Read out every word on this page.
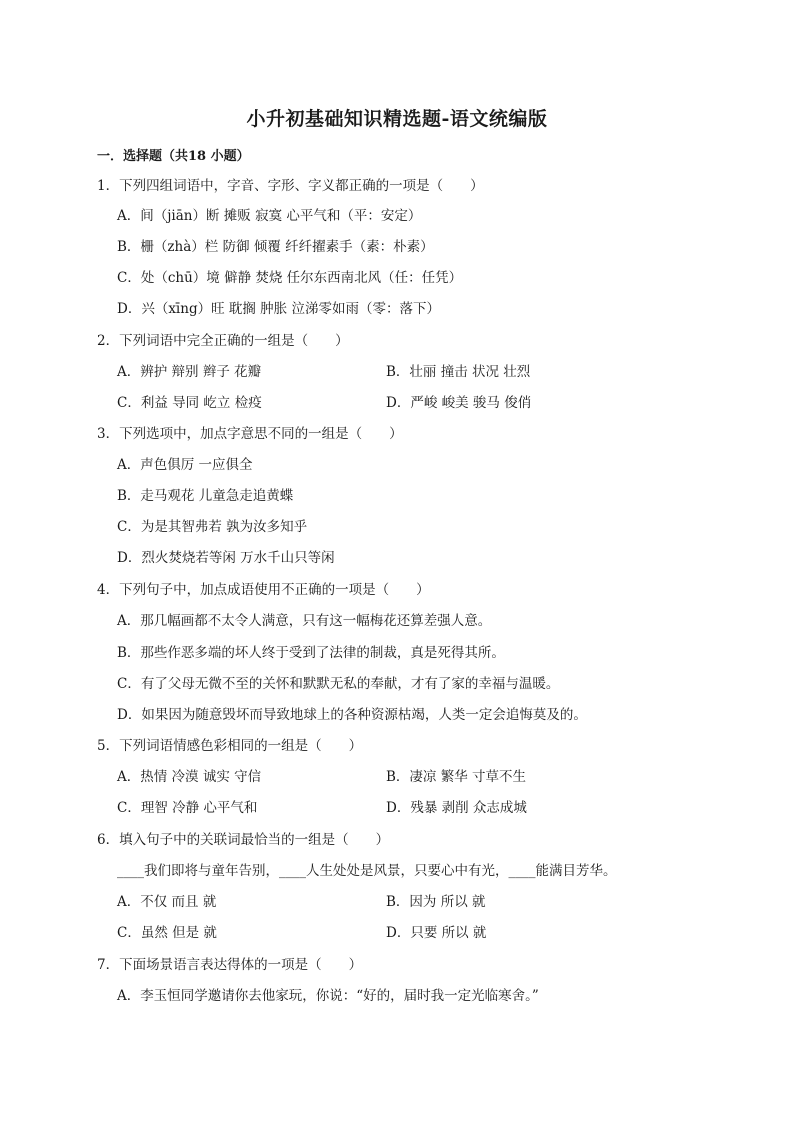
小升初基础知识精选题-语文统编版
一．选择题（共18 小题）
1．下列四组词语中，字音、字形、字义都正确的一项是（　　）
A．间（jiān）断 摊贩 寂寞 心平气和（平：安定）
B．栅（zhà）栏 防御 倾覆 纤纤擢素手（素：朴素）
C．处（chū）境 僻静 焚烧 任尔东西南北风（任：任凭）
D．兴（xīng）旺 耽搁 肿胀 泣涕零如雨（零：落下）
2．下列词语中完全正确的一组是（　　）
A．辨护 辩别 辫子 花瓣	B．壮丽 撞击 状况 壮烈
C．利益 导同 屹立 检疫	D．严峻 峻美 骏马 俊俏
3．下列选项中，加点字意思不同的一组是（　　）
A．声色俱厉 一应俱全
B．走马观花 儿童急走追黄蝶
C．为是其智弗若 孰为汝多知乎
D．烈火焚烧若等闲 万水千山只等闲
4．下列句子中，加点成语使用不正确的一项是（　　）
A．那几幅画都不太令人满意，只有这一幅梅花还算差强人意。
B．那些作恶多端的坏人终于受到了法律的制裁，真是死得其所。
C．有了父母无微不至的关怀和默默无私的奉献，才有了家的幸福与温暖。
D．如果因为随意毁坏而导致地球上的各种资源枯竭，人类一定会追悔莫及的。
5．下列词语情感色彩相同的一组是（　　）
A．热情 冷漠 诚实 守信	B．凄凉 繁华 寸草不生
C．理智 冷静 心平气和	D．残暴 剥削 众志成城
6．填入句子中的关联词最恰当的一组是（　　）
____我们即将与童年告别，____人生处处是风景，只要心中有光，____能满目芳华。
A．不仅 而且 就	B．因为 所以 就
C．虽然 但是 就	D．只要 所以 就
7．下面场景语言表达得体的一项是（　　）
A．李玉恒同学邀请你去他家玩，你说：“好的，届时我一定光临寒舍。”
